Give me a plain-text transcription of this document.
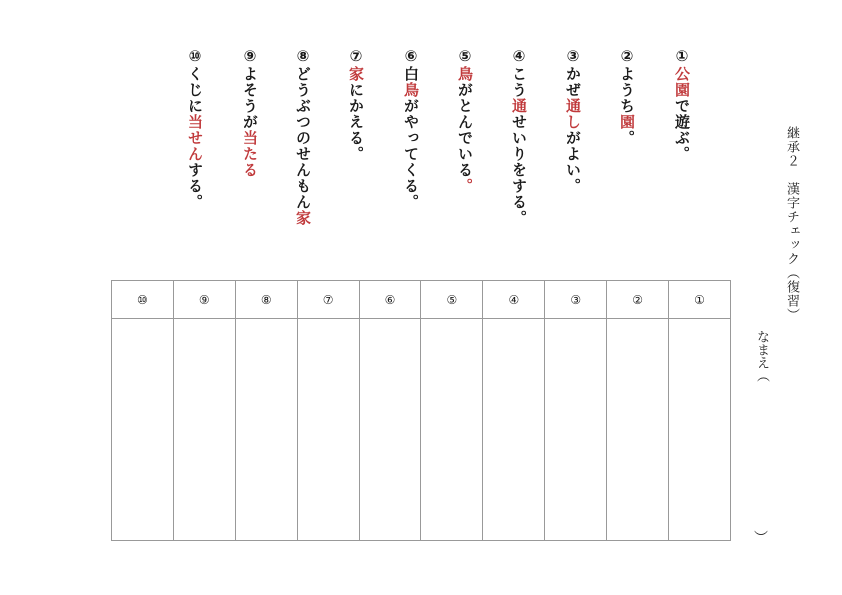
継承２漢字チェック（復習）
なまえ（
）
①公園で遊ぶ。
②ようち園。
③かぜ通しがよい。
④こう通せいりをする。
⑤鳥がとんでいる。
⑥白鳥がやってくる。
⑦家にかえる。
⑧どうぶつのせんもん家
⑨よそうが当たる
⑩くじに当せんする。
①
②
③
④
⑤
⑥
⑦
⑧
⑨
⑩
